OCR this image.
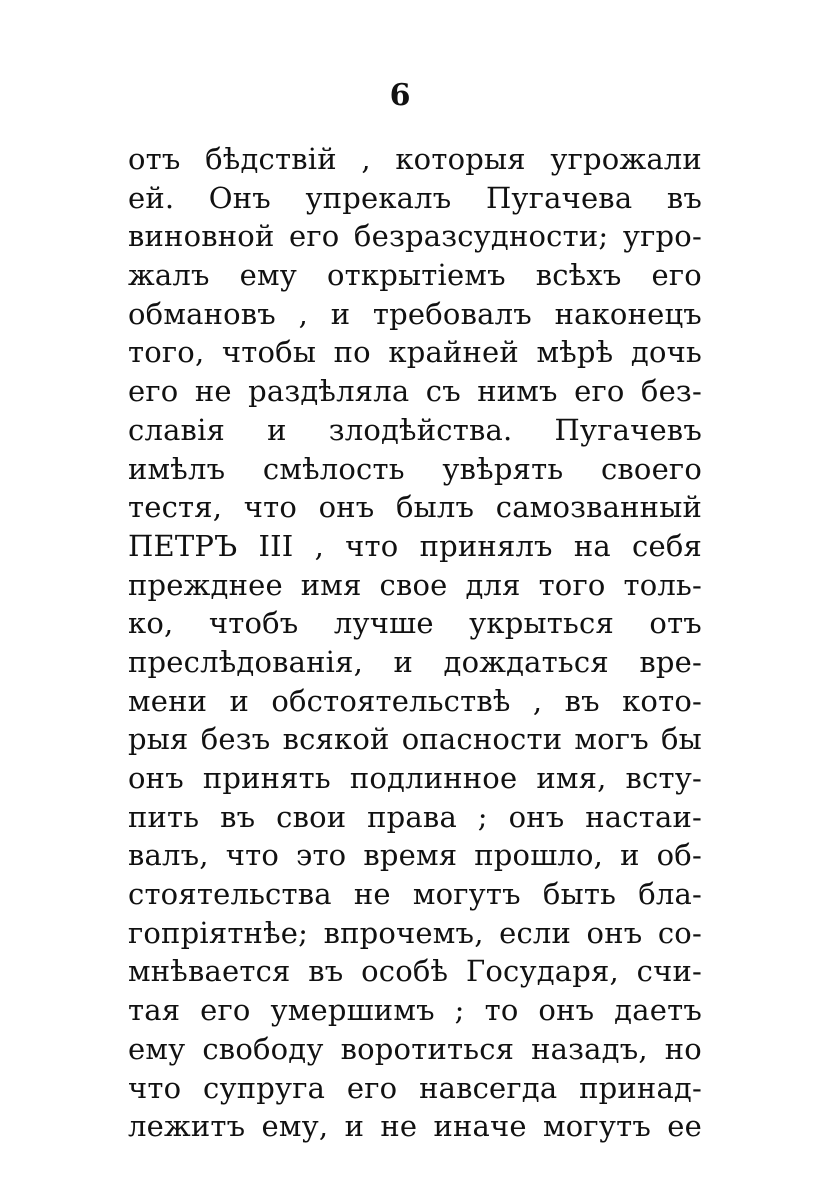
6
отъ бѣдствій , которыя угрожали
ей. Онъ упрекалъ Пугачева въ
виновной его безразсудности; угро-
жалъ ему открытіемъ всѣхъ его
обмановъ , и требовалъ наконецъ
того, чтобы по крайней мѣрѣ дочь
его не раздѣляла съ нимъ его без-
славія и злодѣйства. Пугачевъ
имѣлъ смѣлость увѣрять своего
тестя, что онъ былъ самозванный
ПЕТРЪ III , что принялъ на себя
прежднее имя свое для того толь-
ко, чтобъ лучше укрыться отъ
преслѣдованія, и дождаться вре-
мени и обстоятельствѣ , въ кото-
рыя безъ всякой опасности могъ бы
онъ принять подлинное имя, всту-
пить въ свои права ; онъ настаи-
валъ, что это время прошло, и об-
стоятельства не могутъ быть бла-
гопріятнѣе; впрочемъ, если онъ со-
мнѣвается въ особѣ Государя, счи-
тая его умершимъ ; то онъ даетъ
ему свободу воротиться назадъ, но
что супруга его навсегда принад-
лежитъ ему, и не иначе могутъ ее
